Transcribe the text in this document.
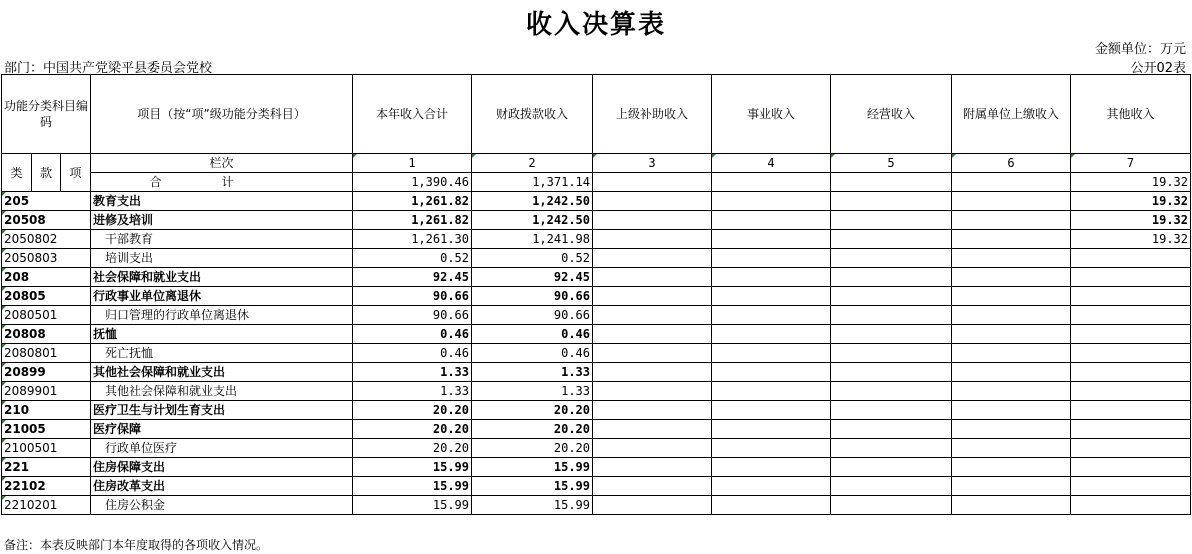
收入决算表
金额单位：万元
部门：中国共产党梁平县委员会党校	公开02表
功能分类科目编码			项目（按“项”级功能分类科目）	本年收入合计	财政拨款收入	上级补助收入	事业收入	经营收入	附属单位上缴收入	其他收入

类	款	项	栏次	1	2	3	4	5	6	7
			合计	1,390.46	1,371.14					19.32
205			教育支出	1,261.82	1,242.50					19.32
20508			进修及培训	1,261.82	1,242.50					19.32
2050802			干部教育	1,261.30	1,241.98					19.32
2050803			培训支出	0.52	0.52					
208			社会保障和就业支出	92.45	92.45					
20805			行政事业单位离退休	90.66	90.66					
2080501			归口管理的行政单位离退休	90.66	90.66					
20808			抚恤	0.46	0.46					
2080801			死亡抚恤	0.46	0.46					
20899			其他社会保障和就业支出	1.33	1.33					
2089901			其他社会保障和就业支出	1.33	1.33					
210			医疗卫生与计划生育支出	20.20	20.20					
21005			医疗保障	20.20	20.20					
2100501			行政单位医疗	20.20	20.20					
221			住房保障支出	15.99	15.99					
22102			住房改革支出	15.99	15.99					
2210201			住房公积金	15.99	15.99					
备注：本表反映部门本年度取得的各项收入情况。
